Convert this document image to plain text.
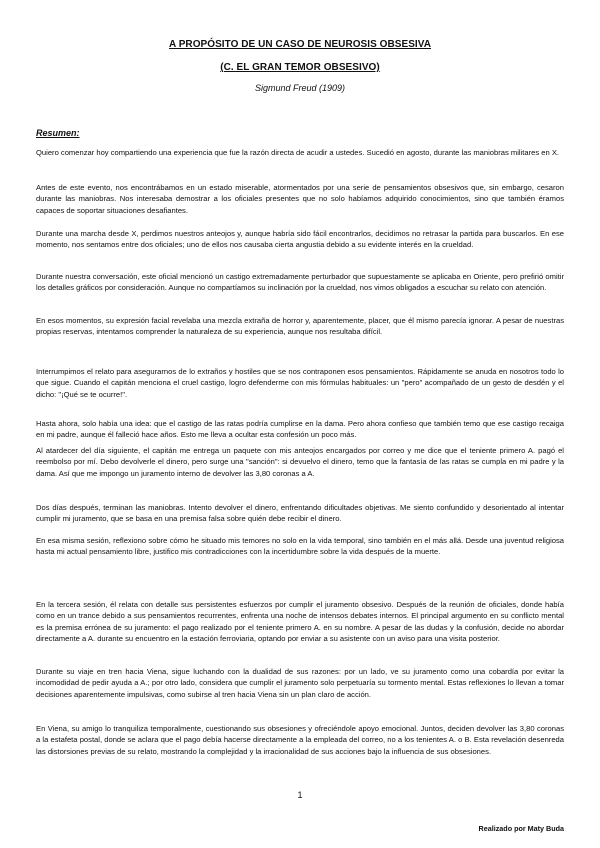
A PROPÓSITO DE UN CASO DE NEUROSIS OBSESIVA
(C. EL GRAN TEMOR OBSESIVO)
Sigmund Freud (1909)
Resumen:

Quiero comenzar hoy compartiendo una experiencia que fue la razón directa de acudir a ustedes. Sucedió en agosto, durante las maniobras militares en X.

Antes de este evento, nos encontrábamos en un estado miserable, atormentados por una serie de pensamientos obsesivos que, sin embargo, cesaron durante las maniobras. Nos interesaba demostrar a los oficiales presentes que no solo habíamos adquirido conocimientos, sino que también éramos capaces de soportar situaciones desafiantes.

Durante una marcha desde X, perdimos nuestros anteojos y, aunque habría sido fácil encontrarlos, decidimos no retrasar la partida para buscarlos. En ese momento, nos sentamos entre dos oficiales; uno de ellos nos causaba cierta angustia debido a su evidente interés en la crueldad.

Durante nuestra conversación, este oficial mencionó un castigo extremadamente perturbador que supuestamente se aplicaba en Oriente, pero prefirió omitir los detalles gráficos por consideración. Aunque no compartíamos su inclinación por la crueldad, nos vimos obligados a escuchar su relato con atención.

En esos momentos, su expresión facial revelaba una mezcla extraña de horror y, aparentemente, placer, que él mismo parecía ignorar. A pesar de nuestras propias reservas, intentamos comprender la naturaleza de su experiencia, aunque nos resultaba difícil.

Interrumpimos el relato para asegurarnos de lo extraños y hostiles que se nos contraponen esos pensamientos. Rápidamente se anuda en nosotros todo lo que sigue. Cuando el capitán menciona el cruel castigo, logro defenderme con mis fórmulas habituales: un "pero" acompañado de un gesto de desdén y el dicho: "¡Qué se te ocurre!".

Hasta ahora, solo había una idea: que el castigo de las ratas podría cumplirse en la dama. Pero ahora confieso que también temo que ese castigo recaiga en mi padre, aunque él falleció hace años. Esto me lleva a ocultar esta confesión un poco más.

Al atardecer del día siguiente, el capitán me entrega un paquete con mis anteojos encargados por correo y me dice que el teniente primero A. pagó el reembolso por mí. Debo devolverle el dinero, pero surge una "sanción": si devuelvo el dinero, temo que la fantasía de las ratas se cumpla en mi padre y la dama. Así que me impongo un juramento interno de devolver las 3,80 coronas a A.

Dos días después, terminan las maniobras. Intento devolver el dinero, enfrentando dificultades objetivas. Me siento confundido y desorientado al intentar cumplir mi juramento, que se basa en una premisa falsa sobre quién debe recibir el dinero.

En esa misma sesión, reflexiono sobre cómo he situado mis temores no solo en la vida temporal, sino también en el más allá. Desde una juventud religiosa hasta mi actual pensamiento libre, justifico mis contradicciones con la incertidumbre sobre la vida después de la muerte.

En la tercera sesión, él relata con detalle sus persistentes esfuerzos por cumplir el juramento obsesivo. Después de la reunión de oficiales, donde había como en un trance debido a sus pensamientos recurrentes, enfrenta una noche de intensos debates internos. El principal argumento en su conflicto mental es la premisa errónea de su juramento: el pago realizado por el teniente primero A. en su nombre. A pesar de las dudas y la confusión, decide no abordar directamente a A. durante su encuentro en la estación ferroviaria, optando por enviar a su asistente con un aviso para una visita posterior.

Durante su viaje en tren hacia Viena, sigue luchando con la dualidad de sus razones: por un lado, ve su juramento como una cobardía por evitar la incomodidad de pedir ayuda a A.; por otro lado, considera que cumplir el juramento solo perpetuaría su tormento mental. Estas reflexiones lo llevan a tomar decisiones aparentemente impulsivas, como subirse al tren hacia Viena sin un plan claro de acción.

En Viena, su amigo lo tranquiliza temporalmente, cuestionando sus obsesiones y ofreciéndole apoyo emocional. Juntos, deciden devolver las 3,80 coronas a la estafeta postal, donde se aclara que el pago debía hacerse directamente a la empleada del correo, no a los tenientes A. o B. Esta revelación desenreda las distorsiones previas de su relato, mostrando la complejidad y la irracionalidad de sus acciones bajo la influencia de sus obsesiones.

1
Realizado por Maty Buda
